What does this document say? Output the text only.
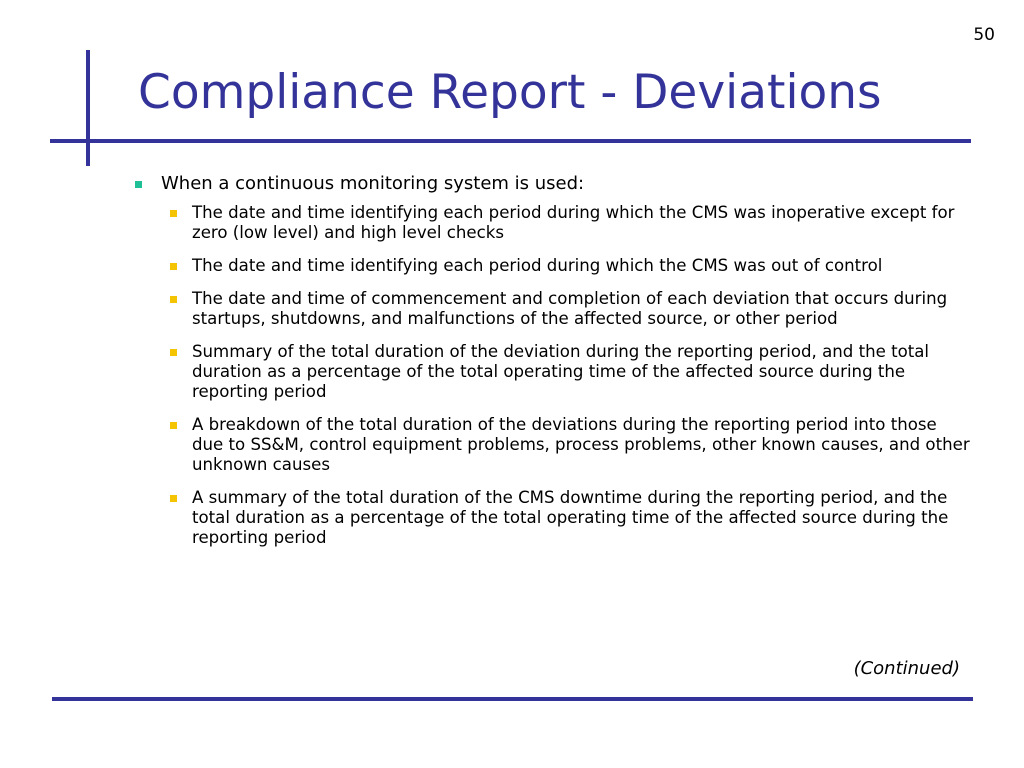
50
Compliance Report - Deviations
When a continuous monitoring system is used:
The date and time identifying each period during which the CMS was inoperative except for zero (low level) and high level checks
The date and time identifying each period during which the CMS was out of control
The date and time of commencement and completion of each deviation that occurs during startups, shutdowns, and malfunctions of the affected source, or other period
Summary of the total duration of the deviation during the reporting period, and the total duration as a percentage of the total operating time of the affected source during the reporting period
A breakdown of the total duration of the deviations during the reporting period into those due to SS&M, control equipment problems, process problems, other known causes, and other unknown causes
A summary of the total duration of the CMS downtime during the reporting period, and the total duration as a percentage of the total operating time of the affected source during the reporting period
(Continued)
